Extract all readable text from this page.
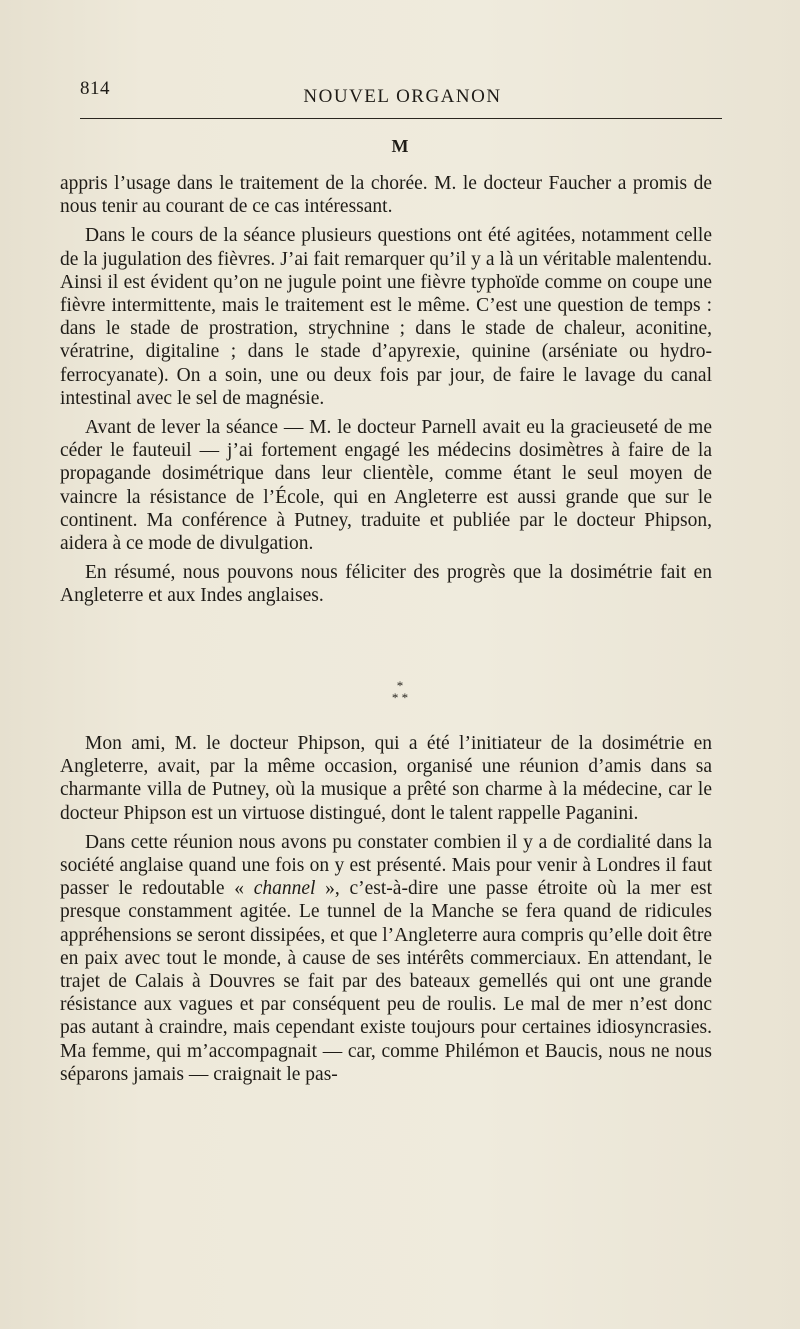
814	NOUVEL ORGANON
M

appris l’usage dans le traitement de la chorée. M. le docteur Faucher a promis de nous tenir au courant de ce cas intéressant.

Dans le cours de la séance plusieurs questions ont été agitées, notamment celle de la jugulation des fièvres. J’ai fait remarquer qu’il y a là un véritable malentendu. Ainsi il est évident qu’on ne jugule point une fièvre typhoïde comme on coupe une fièvre intermittente, mais le traitement est le même. C’est une question de temps : dans le stade de prostration, strychnine ; dans le stade de chaleur, aconitine, vératrine, digitaline ; dans le stade d’apyrexie, quinine (arséniate ou hydro-ferrocyanate). On a soin, une ou deux fois par jour, de faire le lavage du canal intestinal avec le sel de magnésie.

Avant de lever la séance — M. le docteur Parnell avait eu la gracieuseté de me céder le fauteuil — j’ai fortement engagé les médecins dosimètres à faire de la propagande dosimétrique dans leur clientèle, comme étant le seul moyen de vaincre la résistance de l’École, qui en Angleterre est aussi grande que sur le continent. Ma conférence à Putney, traduite et publiée par le docteur Phipson, aidera à ce mode de divulgation.

En résumé, nous pouvons nous féliciter des progrès que la dosimétrie fait en Angleterre et aux Indes anglaises.

*
* *

Mon ami, M. le docteur Phipson, qui a été l’initiateur de la dosimétrie en Angleterre, avait, par la même occasion, organisé une réunion d’amis dans sa charmante villa de Putney, où la musique a prêté son charme à la médecine, car le docteur Phipson est un virtuose distingué, dont le talent rappelle Paganini.

Dans cette réunion nous avons pu constater combien il y a de cordialité dans la société anglaise quand une fois on y est présenté. Mais pour venir à Londres il faut passer le redoutable « channel », c’est-à-dire une passe étroite où la mer est presque constamment agitée. Le tunnel de la Manche se fera quand de ridicules appréhensions se seront dissipées, et que l’Angleterre aura compris qu’elle doit être en paix avec tout le monde, à cause de ses intérêts commerciaux. En attendant, le trajet de Calais à Douvres se fait par des bateaux gemellés qui ont une grande résistance aux vagues et par conséquent peu de roulis. Le mal de mer n’est donc pas autant à craindre, mais cependant existe toujours pour certaines idiosyncrasies. Ma femme, qui m’accompagnait — car, comme Philémon et Baucis, nous ne nous séparons jamais — craignait le pas-
